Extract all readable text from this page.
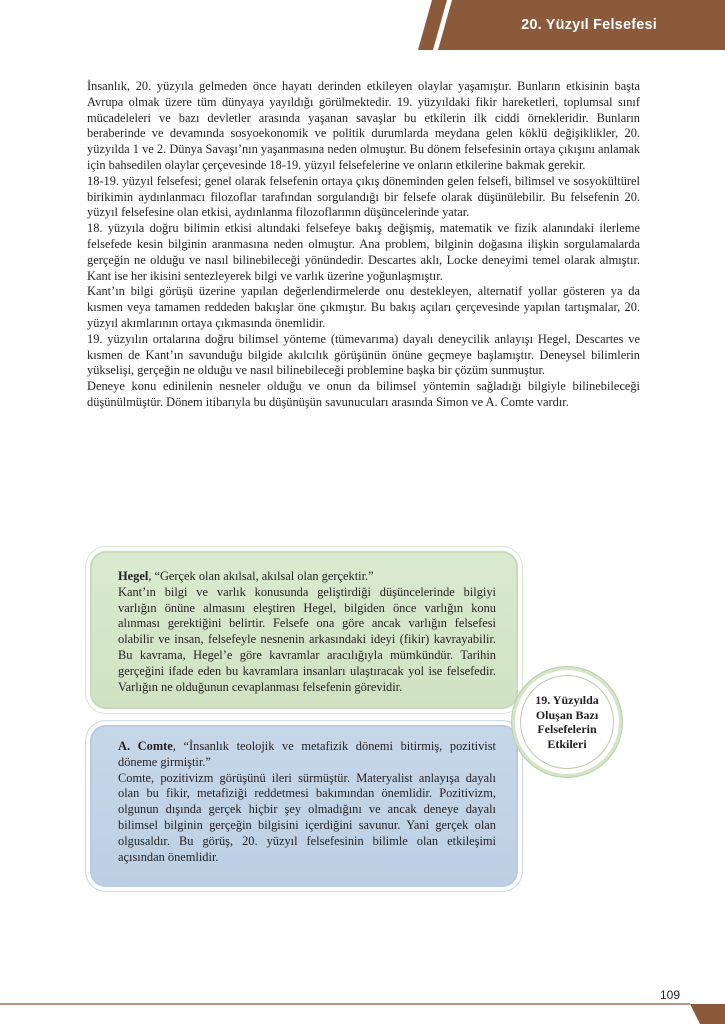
20. Yüzyıl Felsefesi

İnsanlık, 20. yüzyıla gelmeden önce hayatı derinden etkileyen olaylar yaşamıştır. Bunların etkisinin başta Avrupa olmak üzere tüm dünyaya yayıldığı görülmektedir. 19. yüzyıldaki fikir hareketleri, toplumsal sınıf mücadeleleri ve bazı devletler arasında yaşanan savaşlar bu etkilerin ilk ciddi örnekleridir. Bunların beraberinde ve devamında sosyoekonomik ve politik durumlarda meydana gelen köklü değişiklikler, 20. yüzyılda 1 ve 2. Dünya Savaşı’nın yaşanmasına neden olmuştur. Bu dönem felsefesinin ortaya çıkışını anlamak için bahsedilen olaylar çerçevesinde 18-19. yüzyıl felsefelerine ve onların etkilerine bakmak gerekir.

18-19. yüzyıl felsefesi; genel olarak felsefenin ortaya çıkış döneminden gelen felsefi, bilimsel ve sosyokültürel birikimin aydınlanmacı filozoflar tarafından sorgulandığı bir felsefe olarak düşünülebilir. Bu felsefenin 20. yüzyıl felsefesine olan etkisi, aydınlanma filozoflarının düşüncelerinde yatar.

18. yüzyıla doğru bilimin etkisi altındaki felsefeye bakış değişmiş, matematik ve fizik alanındaki ilerleme felsefede kesin bilginin aranmasına neden olmuştur. Ana problem, bilginin doğasına ilişkin sorgulamalarda gerçeğin ne olduğu ve nasıl bilinebileceği yönündedir. Descartes aklı, Locke deneyimi temel olarak almıştır. Kant ise her ikisini sentezleyerek bilgi ve varlık üzerine yoğunlaşmıştır.

Kant’ın bilgi görüşü üzerine yapılan değerlendirmelerde onu destekleyen, alternatif yollar gösteren ya da kısmen veya tamamen reddeden bakışlar öne çıkmıştır. Bu bakış açıları çerçevesinde yapılan tartışmalar, 20. yüzyıl akımlarının ortaya çıkmasında önemlidir.

19. yüzyılın ortalarına doğru bilimsel yönteme (tümevarıma) dayalı deneycilik anlayışı Hegel, Descartes ve kısmen de Kant’ın savunduğu bilgide akılcılık görüşünün önüne geçmeye başlamıştır. Deneysel bilimlerin yükselişi, gerçeğin ne olduğu ve nasıl bilinebileceği problemine başka bir çözüm sunmuştur.

Deneye konu edinilenin nesneler olduğu ve onun da bilimsel yöntemin sağladığı bilgiyle bilinebileceği düşünülmüştür. Dönem itibarıyla bu düşünüşün savunucuları arasında Simon ve A. Comte vardır.

Hegel, “Gerçek olan akılsal, akılsal olan gerçektir.”

Kant’ın bilgi ve varlık konusunda geliştirdiği düşüncelerinde bilgiyi varlığın önüne almasını eleştiren Hegel, bilgiden önce varlığın konu alınması gerektiğini belirtir. Felsefe ona göre ancak varlığın felsefesi olabilir ve insan, felsefeyle nesnenin arkasındaki ideyi (fikir) kavrayabilir. Bu kavrama, Hegel’e göre kavramlar aracılığıyla mümkündür. Tarihin gerçeğini ifade eden bu kavramlara insanları ulaştıracak yol ise felsefedir. Varlığın ne olduğunun cevaplanması felsefenin görevidir.

A. Comte, “İnsanlık teolojik ve metafizik dönemi bitirmiş, pozitivist döneme girmiştir.”

Comte, pozitivizm görüşünü ileri sürmüştür. Materyalist anlayışa dayalı olan bu fikir, metafiziği reddetmesi bakımından önemlidir. Pozitivizm, olgunun dışında gerçek hiçbir şey olmadığını ve ancak deneye dayalı bilimsel bilginin gerçeğin bilgisini içerdiğini savunur. Yani gerçek olan olgusaldır. Bu görüş, 20. yüzyıl felsefesinin bilimle olan etkileşimi açısından önemlidir.

19. Yüzyılda
Oluşan Bazı
Felsefelerin
Etkileri
109
